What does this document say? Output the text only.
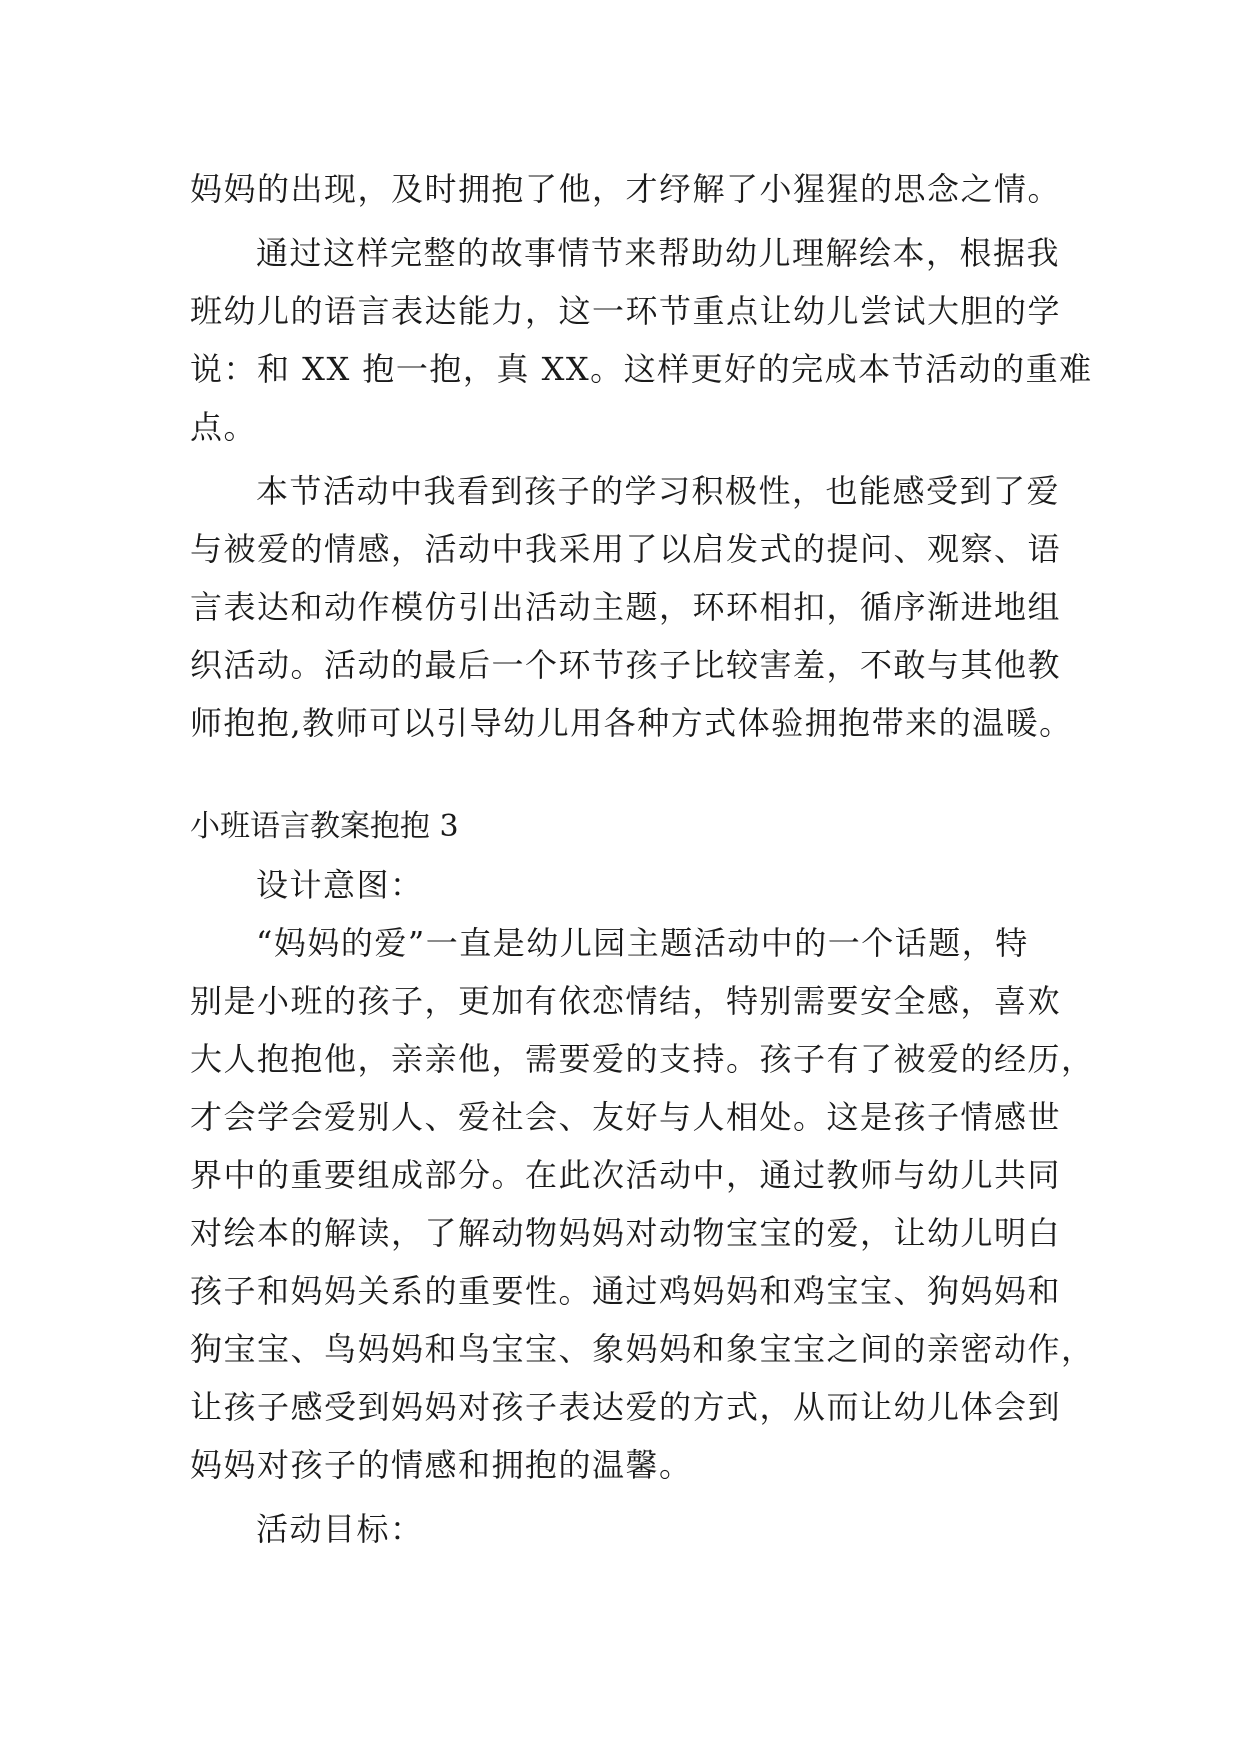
妈妈的出现，及时拥抱了他，才纾解了小猩猩的思念之情。
通过这样完整的故事情节来帮助幼儿理解绘本，根据我
班幼儿的语言表达能力，这一环节重点让幼儿尝试大胆的学
说：和 XX 抱一抱，真 XX。这样更好的完成本节活动的重难
点。
本节活动中我看到孩子的学习积极性，也能感受到了爱
与被爱的情感，活动中我采用了以启发式的提问、观察、语
言表达和动作模仿引出活动主题，环环相扣，循序渐进地组
织活动。活动的最后一个环节孩子比较害羞，不敢与其他教
师抱抱,教师可以引导幼儿用各种方式体验拥抱带来的温暖。
小班语言教案抱抱 3
设计意图：
“妈妈的爱”一直是幼儿园主题活动中的一个话题，特
别是小班的孩子，更加有依恋情结，特别需要安全感，喜欢
大人抱抱他，亲亲他，需要爱的支持。孩子有了被爱的经历，
才会学会爱别人、爱社会、友好与人相处。这是孩子情感世
界中的重要组成部分。在此次活动中，通过教师与幼儿共同
对绘本的解读，了解动物妈妈对动物宝宝的爱，让幼儿明白
孩子和妈妈关系的重要性。通过鸡妈妈和鸡宝宝、狗妈妈和
狗宝宝、鸟妈妈和鸟宝宝、象妈妈和象宝宝之间的亲密动作，
让孩子感受到妈妈对孩子表达爱的方式，从而让幼儿体会到
妈妈对孩子的情感和拥抱的温馨。
活动目标：
